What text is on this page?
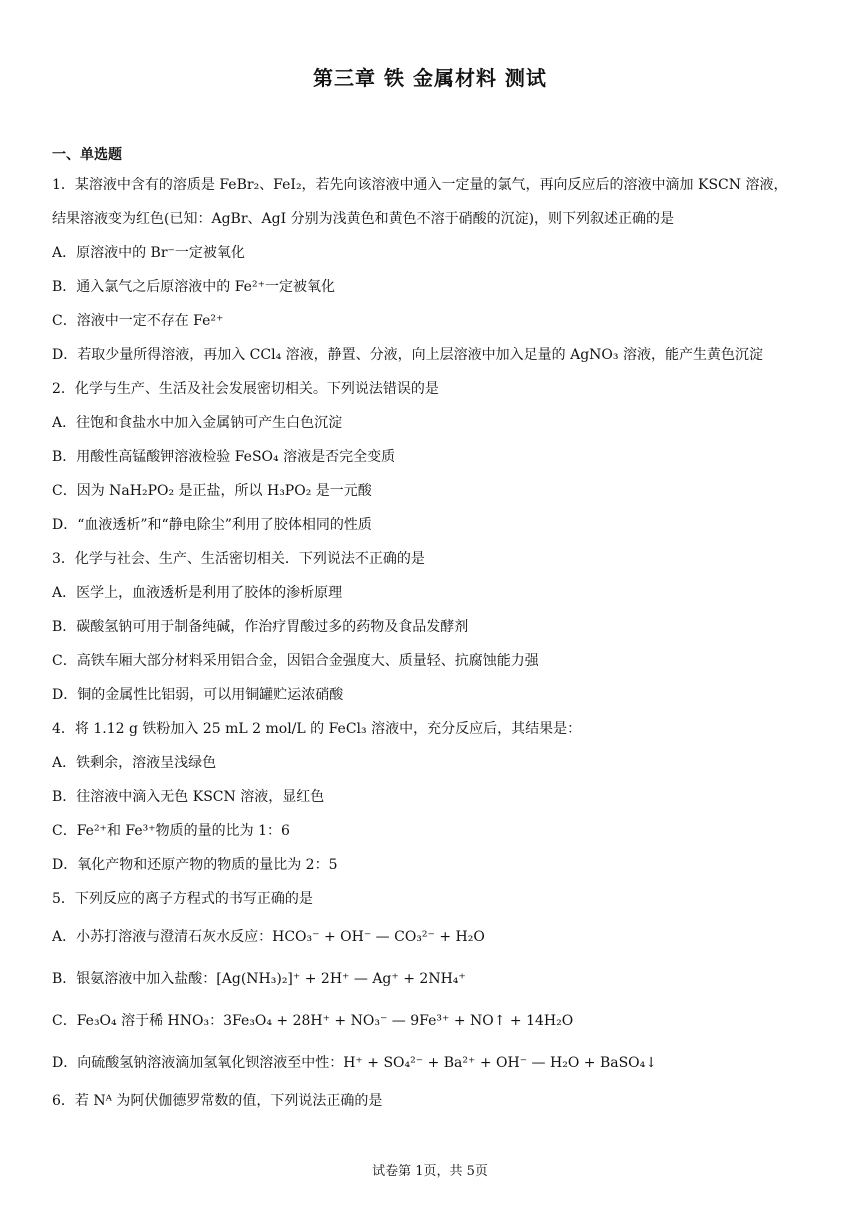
第三章 铁 金属材料 测试
一、单选题
1．某溶液中含有的溶质是 FeBr₂、FeI₂，若先向该溶液中通入一定量的氯气，再向反应后的溶液中滴加 KSCN 溶液，
结果溶液变为红色(已知：AgBr、AgI 分别为浅黄色和黄色不溶于硝酸的沉淀)，则下列叙述正确的是
A．原溶液中的 Br⁻一定被氧化
B．通入氯气之后原溶液中的 Fe²⁺一定被氧化
C．溶液中一定不存在 Fe²⁺
D．若取少量所得溶液，再加入 CCl₄ 溶液，静置、分液，向上层溶液中加入足量的 AgNO₃ 溶液，能产生黄色沉淀
2．化学与生产、生活及社会发展密切相关。下列说法错误的是
A．往饱和食盐水中加入金属钠可产生白色沉淀
B．用酸性高锰酸钾溶液检验 FeSO₄ 溶液是否完全变质
C．因为 NaH₂PO₂ 是正盐，所以 H₃PO₂ 是一元酸
D．“血液透析”和“静电除尘”利用了胶体相同的性质
3．化学与社会、生产、生活密切相关．下列说法不正确的是
A．医学上，血液透析是利用了胶体的渗析原理
B．碳酸氢钠可用于制备纯碱，作治疗胃酸过多的药物及食品发酵剂
C．高铁车厢大部分材料采用铝合金，因铝合金强度大、质量轻、抗腐蚀能力强
D．铜的金属性比铝弱，可以用铜罐贮运浓硝酸
4．将 1.12 g 铁粉加入 25 mL 2 mol/L 的 FeCl₃ 溶液中，充分反应后，其结果是：
A．铁剩余，溶液呈浅绿色
B．往溶液中滴入无色 KSCN 溶液，显红色
C．Fe²⁺和 Fe³⁺物质的量的比为 1：6
D．氧化产物和还原产物的物质的量比为 2：5
5．下列反应的离子方程式的书写正确的是
A．小苏打溶液与澄清石灰水反应：HCO₃⁻ + OH⁻ — CO₃²⁻ + H₂O
B．银氨溶液中加入盐酸：[Ag(NH₃)₂]⁺ + 2H⁺ — Ag⁺ + 2NH₄⁺
C．Fe₃O₄ 溶于稀 HNO₃：3Fe₃O₄ + 28H⁺ + NO₃⁻ — 9Fe³⁺ + NO↑ + 14H₂O
D．向硫酸氢钠溶液滴加氢氧化钡溶液至中性：H⁺ + SO₄²⁻ + Ba²⁺ + OH⁻ — H₂O + BaSO₄↓
6．若 Nᴬ 为阿伏伽德罗常数的值，下列说法正确的是
试卷第 1页，共 5页
